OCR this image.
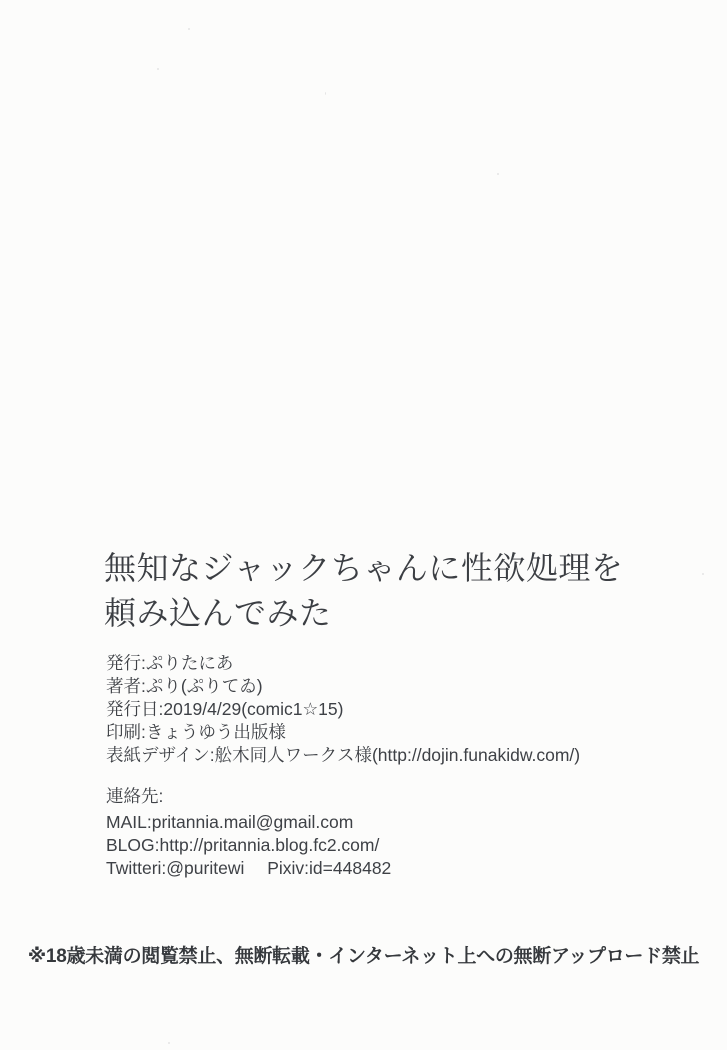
無知なジャックちゃんに性欲処理を
頼み込んでみた

発行:ぷりたにあ

著者:ぷり(ぷりてゐ)

発行日:2019/4/29(comic1☆15)

印刷:きょうゆう出版様

表紙デザイン:舩木同人ワークス様(http://dojin.funakidw.com/)

連絡先:

MAIL:pritannia.mail@gmail.com

BLOG:http://pritannia.blog.fc2.com/

Twitteri:@puritewi Pixiv:id=448482

※18歳未満の閲覧禁止、無断転載・インターネット上への無断アップロード禁止
